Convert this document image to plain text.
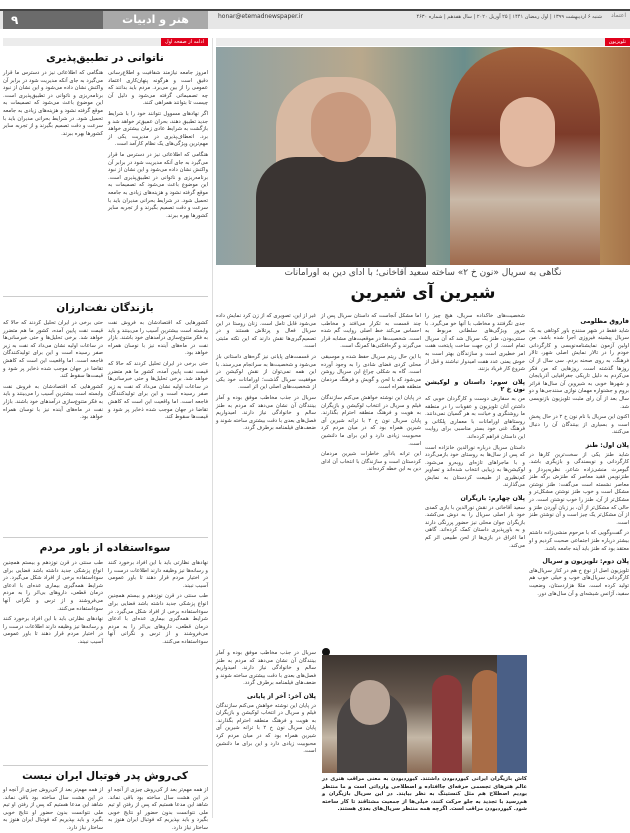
۹	هنر و ادبیات	honar@etemadnewspaper.ir	شنبه ۶ اردیبهشت ۱۳۹۹ | اول رمضان ۱۴۴۱ | ۲۵ آوریل ۲۰۲۰ | سال هفدهم | شماره ۴۶۳۰ اعتماد
ادامه از صفحه اول
ناتوانی در تطبیق‌پذیری

هنگامی که اطلاعاتی نیز در دسترس ما قرار می‌گیرد به جای آنکه مدیریت شود در برابر آن واکنش نشان داده می‌شود و این نشان از نبود برنامه‌ریزی و ناتوانی در تطبیق‌پذیری است. این موضوع باعث می‌شود که تصمیمات به موقع گرفته نشود و هزینه‌های زیادی به جامعه تحمیل شود. در شرایط بحرانی مدیران باید با سرعت و دقت تصمیم بگیرند و از تجربه سایر کشورها بهره ببرند.

امروز جامعه نیازمند شفافیت و اطلاع‌رسانی دقیق است و هرگونه پنهان‌کاری اعتماد عمومی را از بین می‌برد. مردم باید بدانند که چه تصمیماتی گرفته می‌شود و دلیل آن چیست تا بتوانند همراهی کنند.

اگر نهادهای مسوول نتوانند خود را با شرایط جدید تطبیق دهند، بحران عمیق‌تر خواهد شد و بازگشت به شرایط عادی زمان بیشتری خواهد برد. انعطاف‌پذیری در مدیریت یکی از مهم‌ترین ویژگی‌های یک نظام کارآمد است.

هنگامی که اطلاعاتی نیز در دسترس ما قرار می‌گیرد به جای آنکه مدیریت شود در برابر آن واکنش نشان داده می‌شود و این نشان از نبود برنامه‌ریزی و ناتوانی در تطبیق‌پذیری است. این موضوع باعث می‌شود که تصمیمات به موقع گرفته نشود و هزینه‌های زیادی به جامعه تحمیل شود. در شرایط بحرانی مدیران باید با سرعت و دقت تصمیم بگیرند و از تجربه سایر کشورها بهره ببرند.

بازندگان نفت‌ارزان

حتی برخی در ایران تحلیل کردند که حالا که قیمت نفت پایین آمده، کشور ما هم متضرر خواهد شد. برخی تحلیل‌ها و حتی خبرسانی‌ها در ساعات اولیه نشان می‌داد که نفت به زیر صفر رسیده است و این برای تولیدکنندگان فاجعه است. اما واقعیت این است که کاهش تقاضا در جهان موجب شده ذخایر پر شود و قیمت‌ها سقوط کند.

کشورهایی که اقتصادشان به فروش نفت وابسته است بیشترین آسیب را می‌بینند و باید به فکر متنوع‌سازی درآمدهای خود باشند. بازار نفت در ماه‌های آینده نیز با نوسان همراه خواهد بود.

کشورهایی که اقتصادشان به فروش نفت وابسته است بیشترین آسیب را می‌بینند و باید به فکر متنوع‌سازی درآمدهای خود باشند. بازار نفت در ماه‌های آینده نیز با نوسان همراه خواهد بود.

حتی برخی در ایران تحلیل کردند که حالا که قیمت نفت پایین آمده، کشور ما هم متضرر خواهد شد. برخی تحلیل‌ها و حتی خبرسانی‌ها در ساعات اولیه نشان می‌داد که نفت به زیر صفر رسیده است و این برای تولیدکنندگان فاجعه است. اما واقعیت این است که کاهش تقاضا در جهان موجب شده ذخایر پر شود و قیمت‌ها سقوط کند.

سوء‌استفاده از باور مردم

طب سنتی در قرن نوزدهم و بیستم همچنین انواع پزشکی جدید داشته باشد فضایی برای سوءاستفاده برخی از افراد شکل می‌گیرد. در شرایط همه‌گیری بیماری عده‌ای با ادعای درمان قطعی، داروهای بی‌اثر را به مردم می‌فروشند و از ترس و نگرانی آنها سوءاستفاده می‌کنند.

نهادهای نظارتی باید با این افراد برخورد کنند و رسانه‌ها نیز وظیفه دارند اطلاعات درست را در اختیار مردم قرار دهند تا باور عمومی آسیب نبیند.

نهادهای نظارتی باید با این افراد برخورد کنند و رسانه‌ها نیز وظیفه دارند اطلاعات درست را در اختیار مردم قرار دهند تا باور عمومی آسیب نبیند.

طب سنتی در قرن نوزدهم و بیستم همچنین انواع پزشکی جدید داشته باشد فضایی برای سوءاستفاده برخی از افراد شکل می‌گیرد. در شرایط همه‌گیری بیماری عده‌ای با ادعای درمان قطعی، داروهای بی‌اثر را به مردم می‌فروشند و از ترس و نگرانی آنها سوءاستفاده می‌کنند.

کی‌روش پدر فوتبال ایران نیست

از همه مهم‌تر بعد از کی‌روش چیزی از آنچه او در این هشت سال ساخته بود باقی نماند. شاهد این مدعا هستیم که پس از رفتن او تیم ملی نتوانست بدون حضور او نتایج خوبی بگیرد و باید بپذیریم که فوتبال ایران هنوز به ساختار نیاز دارد.

از همه مهم‌تر بعد از کی‌روش چیزی از آنچه او در این هشت سال ساخته بود باقی نماند. شاهد این مدعا هستیم که پس از رفتن او تیم ملی نتوانست بدون حضور او نتایج خوبی بگیرد و باید بپذیریم که فوتبال ایران هنوز به ساختار نیاز دارد.

تلویزیون
نگاهی به سریال «نون خ ۲» ساخته سعید آقاخانی؛ با ادای دین به اورامانات
شیرین آی شیرین
فاروق مظلومی

شاید فقط در شهر سنندج باور کوتاهی به یک سریال پیشینه فیروزی اجرا شده باشد. من اولین آزمون نمایشنامه‌نویسی و کارگردانی خودم را در تالار نمایش اصلی شهر، تالار فرهنگ، به روی صحنه بردم. سی سال از آن روزها گذشته است. روزهایی که من فکر می‌کردم به دلیل تاریکی جغرافیایی آذربایجان و شهرها خوبی به شیروین آن سال‌ها فراتر بروم و جشنواره مهمان نوازی سنندجی‌ها و دو سال بعد از آن رای مثبت تلویزیون بازنویسی شد.

اکنون این سریال با نام نون خ ۲ در حال پخش است و بسیاری از بینندگان آن را دنبال می‌کنند.

پلان اول: طنز

شاید طنز یکی از سخت‌ترین کارها در کارگردانی و نویسندگی و بازیگری باشد. گیومرث منشی‌زاده شاعر، نظریه‌پرداز و طنزنویس فقید معاصر که طنزش برگه طنز معاصر نشسته است می‌گفت: طنز نوشتن مشکل است و خوب طنز نوشتن مشکل‌تر و مشکل‌تر از آن، طنز را خوب نوشتن است. در حالی که مشکل‌تر از آن، بر زبان آوردن طنز و از آن مشکل‌تر یک چیز است و آن نوشتن طنز است.

در گفت‌وگویی که با مرحوم منشی‌زاده داشتم بیشتر درباره طنز اجتماعی صحبت کردیم و او معتقد بود که طنز باید آینه جامعه باشد.

پلان دوم: تلویزیون و سریال

تلویزیون اصل از نوع خ هم در کنار سریال‌های کارگردانی سریال‌های خوب و خیلی خوب هم تولید کرده است. مثلا هزاردستان، وضعیت سفید، آژانس شیشه‌ای و آن سال‌های دور.

شخصیت‌های خاکداده سریال، هیچ چیز را جدی نگرفتند و مخاطب با آنها خو می‌گیرد. با مرور ویژگی‌های سلطانی مربوط به سنتی‌بودن، طنز یک سریال شد که آن سریال تمام است. از این جهت ساخت پایتخت هفت امر خطیری است و سازندگان بهتر است به خوش یمنی عدد هفت امیدوار نباشند و قبل از شروع کار فریاد بزنند.

پلان سوم: داستان و لوکیشن نون خ ۲

من به سفارش دوست و کارگردان خوبی که داشتن آنان تلویزیون و عقوبات را در منطقه ما روشنگری و خیانت به هر گسیان نمی‌دانند. روستاهای اورامانات با معماری پلکانی و فرهنگ غنی خود بستر مناسبی برای روایت این داستان فراهم کرده‌اند.

داستان سریال درباره نورالدین خانزاده است که پس از سال‌ها به روستای خود بازمی‌گردد و با ماجراهای تازه‌ای روبه‌رو می‌شود. لوکیشن‌ها به زیبایی انتخاب شده‌اند و تصاویر کم‌نظیری از طبیعت کردستان به نمایش می‌گذارند.

پلان چهارم: بازیگران

سعید آقاخانی در نقش نورالدین با بازی کمدی خود بار اصلی سریال را به دوش می‌کشد. بازیگران جوان محلی نیز حضور پررنگی دارند و به باورپذیری داستان کمک کرده‌اند. گاهی اما اغراق در بازی‌ها از لحن طبیعی اثر کم می‌کند.

اما مشکل آنجاست که داستان سریال پس از چند قسمت به تکرار می‌افتد و مخاطب احساس می‌کند خط اصلی روایت گم شده است. شخصیت‌ها در موقعیت‌های مشابه قرار می‌گیرند و گره‌افکنی‌ها کمرنگ است.

با این حال ریتم سریال حفظ شده و موسیقی محلی کردی فضای شادی را به وجود آورده است. گاه به شکلی چراغ این سریال روشن می‌شود که با لحن و گویش و فرهنگ مردمان منطقه همراه است.

در پایان این نوشته خواهش می‌کنم سازندگان فیلم و سریال در انتخاب لوکیشن و بازیگران به هویت و فرهنگ منطقه احترام بگذارند. پایان سریال نون خ ۲ با ترانه شیرین آی شیرین همراه بود که در میان مردم کرد محبوبیت زیادی دارد و این برای ما دلنشین است.

این ترانه یادآور خاطرات شیرین مردمان کردستان است و سازندگان با انتخاب آن ادای دین به این خطه کرده‌اند.

غیر از این، تصویری که از زن کرد نمایش داده می‌شود قابل تامل است. زنان روستا در این سریال فعال و پرتلاش هستند و در تصمیم‌گیری‌ها نقش دارند که این نکته مثبتی است.

در قسمت‌های پایانی نیز گره‌های داستانی باز می‌شود و شخصیت‌ها به سرانجام می‌رسند. با این همه نمی‌توان از نقش لوکیشن در موفقیت سریال گذشت؛ اورامانات خود یکی از شخصیت‌های اصلی این اثر است.

سریال در جذب مخاطب موفق بوده و آمار بینندگان آن نشان می‌دهد که مردم به طنز سالم و خانوادگی نیاز دارند. امیدواریم فصل‌های بعدی با دقت بیشتری ساخته شوند و ضعف‌های فیلمنامه برطرف گردد.

سریال در جذب مخاطب موفق بوده و آمار بینندگان آن نشان می‌دهد که مردم به طنز سالم و خانوادگی نیاز دارند. امیدواریم فصل‌های بعدی با دقت بیشتری ساخته شوند و ضعف‌های فیلمنامه برطرف گردد.

پلان آخر: آخر از پایانی

در پایان این نوشته خواهش می‌کنم سازندگان فیلم و سریال در انتخاب لوکیشن و بازیگران به هویت و فرهنگ منطقه احترام بگذارند. پایان سریال نون خ ۲ با ترانه شیرین آی شیرین همراه بود که در میان مردم کرد محبوبیت زیادی دارد و این برای ما دلنشین است.

کاش بازیگران ایرانی کیوردبودن داشتند. کیوردبودن به معنی مراقب هنری در عالم هنرهای تجسمی حرفه‌ای جاافتاده و اصطلاحی وارداتی است و ما منتظر بودیم اصطلاح هم مثل کنستینگ به نظر بیایند. در این سریال بازیگران و هم‌رسید با تجدید به جلو حرکت کنند، خیلی‌ها از جمعیت مشتاقند تا کار ساخته شود. کیوردبودن مراقب است. اگرچه همه منتظر سریال‌های بعدی هستند.
